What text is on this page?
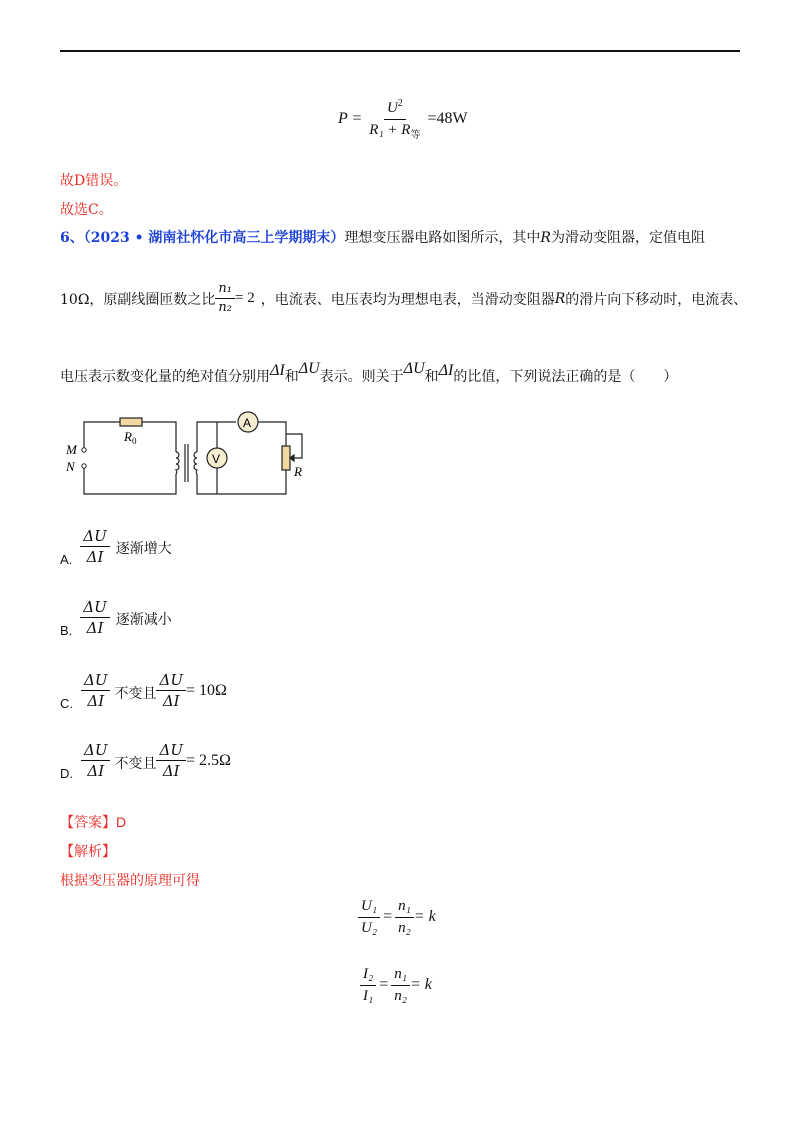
$P = \frac{U^2}{R_1 + R_等} =48W$
故D错误。
故选C。
6、（2023 • 湖南社怀化市高三上学期期末）理想变压器电路如图所示，其中R为滑动变阻器，定值电阻
10Ω，原副线圈匝数之比 $\frac{\text{n₁}}{\text{n₂}} = 2$ ，电流表、电压表均为理想电表，当滑动变阻器 R 的滑片向下移动时，电流表、
电压表示数变化量的绝对值分别用ΔI和ΔU表示。则关于ΔU和ΔI的比值，下列说法正确的是（　　）
M
N
$R_0$
A
V
R
A. $\frac{\Delta U}{\Delta I}$ 逐渐增大
B. $\frac{\Delta U}{\Delta I}$ 逐渐减小
C. $\frac{\Delta U}{\Delta I}$ 不变且 $\frac{\Delta U}{\Delta I} = 10\Omega$
D. $\frac{\Delta U}{\Delta I}$ 不变且 $\frac{\Delta U}{\Delta I} = 2.5\Omega$
【答案】D
【解析】
根据变压器的原理可得
$\frac{\text{U₁}}{\text{U₂}} = \frac{\text{n₁}}{\text{n₂}} = k$
$\frac{\text{I₂}}{\text{I₁}} = \frac{\text{n₁}}{\text{n₂}} = k$
